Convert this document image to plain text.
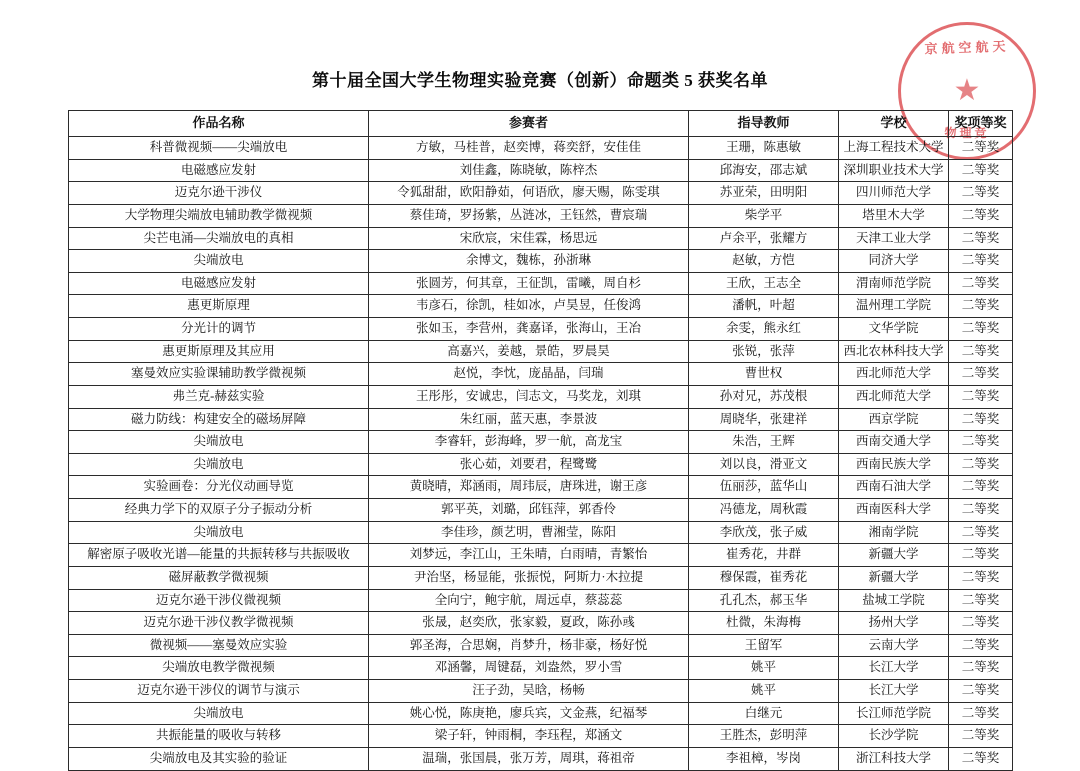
京航空航天
★
物理竞
第十届全国大学生物理实验竞赛（创新）命题类 5 获奖名单
作品名称	参赛者	指导教师	学校	奖项等奖
科普微视频——尖端放电	方敏，马桂普，赵奕博，蒋奕舒，安佳佳	王珊，陈惠敏	上海工程技术大学	二等奖
电磁感应发射	刘佳鑫，陈晓敏，陈梓杰	邱海安，邵志斌	深圳职业技术大学	二等奖
迈克尔逊干涉仪	令狐甜甜，欧阳静茹，何语欣，廖天赐，陈雯琪	苏亚荣，田明阳	四川师范大学	二等奖
大学物理尖端放电辅助教学微视频	蔡佳琦，罗扬紫，丛涟冰，王钰然，曹宸瑞	柴学平	塔里木大学	二等奖
尖芒电涌—尖端放电的真相	宋欣宸，宋佳霖，杨思远	卢余平，张耀方	天津工业大学	二等奖
尖端放电	余博文，魏栋，孙浙琳	赵敏，方恺	同济大学	二等奖
电磁感应发射	张圆芳，何其章，王征凯，雷曦，周自杉	王欣，王志全	渭南师范学院	二等奖
惠更斯原理	韦彦石，徐凯，桂如冰，卢昊昱，任俊鸿	潘帆，叶超	温州理工学院	二等奖
分光计的调节	张如玉，李营州，龚嘉译，张海山，王冶	余雯，熊永红	文华学院	二等奖
惠更斯原理及其应用	高嘉兴，姜越，景皓，罗晨昊	张锐，张萍	西北农林科技大学	二等奖
塞曼效应实验课辅助教学微视频	赵悦，李忱，庞晶晶，闫瑞	曹世权	西北师范大学	二等奖
弗兰克-赫兹实验	王彤彤，安诚忠，闫志文，马奖龙，刘琪	孙对兄，苏茂根	西北师范大学	二等奖
磁力防线：构建安全的磁场屏障	朱红丽，蓝天惠，李景波	周晓华，张建祥	西京学院	二等奖
尖端放电	李睿轩，彭海峰，罗一航，高龙宝	朱浩，王辉	西南交通大学	二等奖
尖端放电	张心茹，刘要君，程鹭鹭	刘以良，滑亚文	西南民族大学	二等奖
实验画卷：分光仪动画导览	黄晓晴，郑涵雨，周玮辰，唐珠进，谢王彦	伍丽莎，蓝华山	西南石油大学	二等奖
经典力学下的双原子分子振动分析	郭平英，刘璐，邱钰萍，郭香伶	冯德龙，周秋霞	西南医科大学	二等奖
尖端放电	李佳珍，颜艺明，曹湘莹，陈阳	李欣茂，张子威	湘南学院	二等奖
解密原子吸收光谱—能量的共振转移与共振吸收	刘梦远，李江山，王朱晴，白雨晴，青繁怡	崔秀花，井群	新疆大学	二等奖
磁屏蔽教学微视频	尹治坚，杨显能，张振悦，阿斯力·木拉提	穆保霞，崔秀花	新疆大学	二等奖
迈克尔逊干涉仪微视频	全向宁，鲍宇航，周远卓，蔡蕊蕊	孔孔杰，郝玉华	盐城工学院	二等奖
迈克尔逊干涉仪教学微视频	张晟，赵奕欣，张家毅，夏政，陈孙彧	杜微，朱海梅	扬州大学	二等奖
微视频——塞曼效应实验	郭圣海，合思娴，肖梦升，杨非豪，杨好悦	王留军	云南大学	二等奖
尖端放电教学微视频	邓涵馨，周键磊，刘盎然，罗小雪	姚平	长江大学	二等奖
迈克尔逊干涉仪的调节与演示	汪子劲，吴晗，杨畅	姚平	长江大学	二等奖
尖端放电	姚心悦，陈庚艳，廖兵宾，文金燕，纪福琴	白继元	长江师范学院	二等奖
共振能量的吸收与转移	梁子轩，钟雨桐，李珏程，郑涵文	王胜杰，彭明萍	长沙学院	二等奖
尖端放电及其实验的验证	温瑞，张国晨，张万芳，周琪，蒋祖帝	李祖樟，岑岗	浙江科技大学	二等奖
